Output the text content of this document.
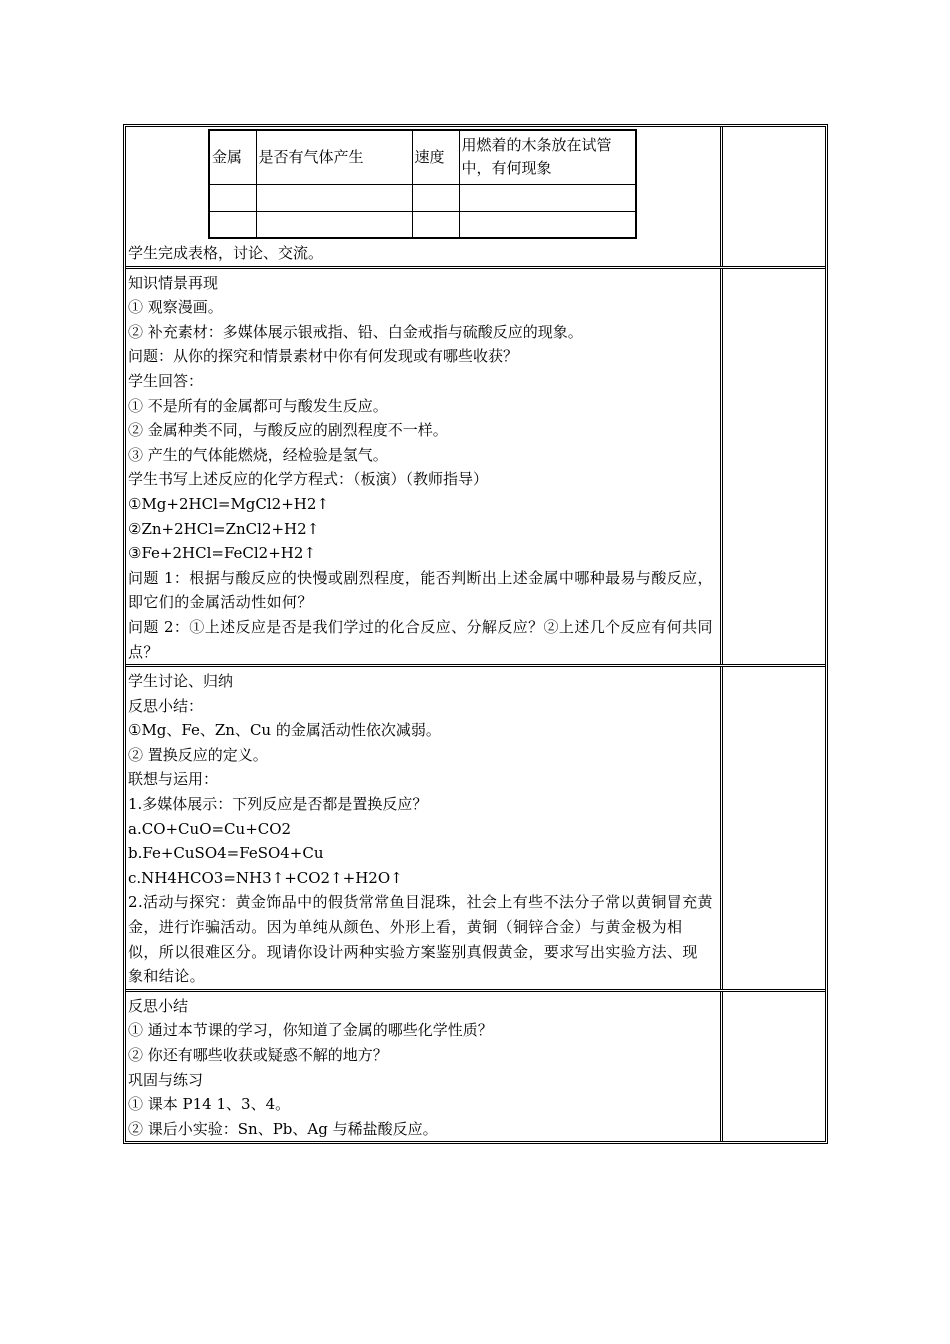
金属	是否有气体产生	速度	用燃着的木条放在试管中，有何现象

学生完成表格，讨论、交流。
知识情景再现
① 观察漫画。
② 补充素材：多媒体展示银戒指、铅、白金戒指与硫酸反应的现象。
问题：从你的探究和情景素材中你有何发现或有哪些收获？
学生回答：
① 不是所有的金属都可与酸发生反应。
② 金属种类不同，与酸反应的剧烈程度不一样。
③ 产生的气体能燃烧，经检验是氢气。
学生书写上述反应的化学方程式：（板演）（教师指导）
①Mg+2HCl=MgCl2+H2↑
②Zn+2HCl=ZnCl2+H2↑
③Fe+2HCl=FeCl2+H2↑
问题 1：根据与酸反应的快慢或剧烈程度，能否判断出上述金属中哪种最易与酸反应，即它们的金属活动性如何？
问题 2：①上述反应是否是我们学过的化合反应、分解反应？②上述几个反应有何共同点？
学生讨论、归纳
反思小结：
①Mg、Fe、Zn、Cu 的金属活动性依次减弱。
② 置换反应的定义。
联想与运用：
1.多媒体展示：下列反应是否都是置换反应？
a.CO+CuO=Cu+CO2
b.Fe+CuSO4=FeSO4+Cu
c.NH4HCO3=NH3↑+CO2↑+H2O↑
2.活动与探究：黄金饰品中的假货常常鱼目混珠，社会上有些不法分子常以黄铜冒充黄金，进行诈骗活动。因为单纯从颜色、外形上看，黄铜（铜锌合金）与黄金极为相似，所以很难区分。现请你设计两种实验方案鉴别真假黄金，要求写出实验方法、现象和结论。
反思小结
① 通过本节课的学习，你知道了金属的哪些化学性质？
② 你还有哪些收获或疑惑不解的地方？
巩固与练习
① 课本 P14 1、3、4。
② 课后小实验：Sn、Pb、Ag 与稀盐酸反应。
